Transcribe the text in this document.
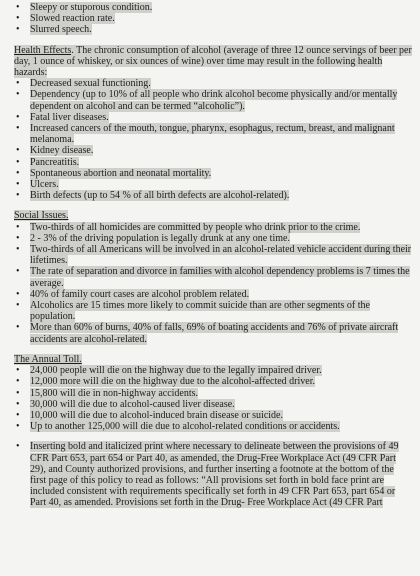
• Sleepy or stuporous condition.
• Slowed reaction rate.
• Slurred speech.

Health Effects. The chronic consumption of alcohol (average of three 12 ounce servings of beer per day, 1 ounce of whiskey, or six ounces of wine) over time may result in the following health hazards:

• Decreased sexual functioning.
• Dependency (up to 10% of all people who drink alcohol become physically and/or mentally dependent on alcohol and can be termed “alcoholic”).
• Fatal liver diseases.
• Increased cancers of the mouth, tongue, pharynx, esophagus, rectum, breast, and malignant melanoma.
• Kidney disease.
• Pancreatitis.
• Spontaneous abortion and neonatal mortality.
• Ulcers.
• Birth defects (up to 54 % of all birth defects are alcohol-related).

Social Issues.

• Two-thirds of all homicides are committed by people who drink prior to the crime.
• 2 - 3% of the driving population is legally drunk at any one time.
• Two-thirds of all Americans will be involved in an alcohol-related vehicle accident during their lifetimes.
• The rate of separation and divorce in families with alcohol dependency problems is 7 times the average.
• 40% of family court cases are alcohol problem related.
• Alcoholics are 15 times more likely to commit suicide than are other segments of the population.
• More than 60% of burns, 40% of falls, 69% of boating accidents and 76% of private aircraft accidents are alcohol-related.

The Annual Toll.

• 24,000 people will die on the highway due to the legally impaired driver.
• 12,000 more will die on the highway due to the alcohol-affected driver.
• 15,800 will die in non-highway accidents.
• 30,000 will die due to alcohol-caused liver disease.
• 10,000 will die due to alcohol-induced brain disease or suicide.
• Up to another 125,000 will die due to alcohol-related conditions or accidents.
• Inserting bold and italicized print where necessary to delineate between the provisions of 49 CFR Part 653, part 654 or Part 40, as amended, the Drug-Free Workplace Act (49 CFR Part 29), and County authorized provisions, and further inserting a footnote at the bottom of the first page of this policy to read as follows: “All provisions set forth in bold face print are included consistent with requirements specifically set forth in 49 CFR Part 653, part 654 or Part 40, as amended. Provisions set forth in the Drug- Free Workplace Act (49 CFR Part
